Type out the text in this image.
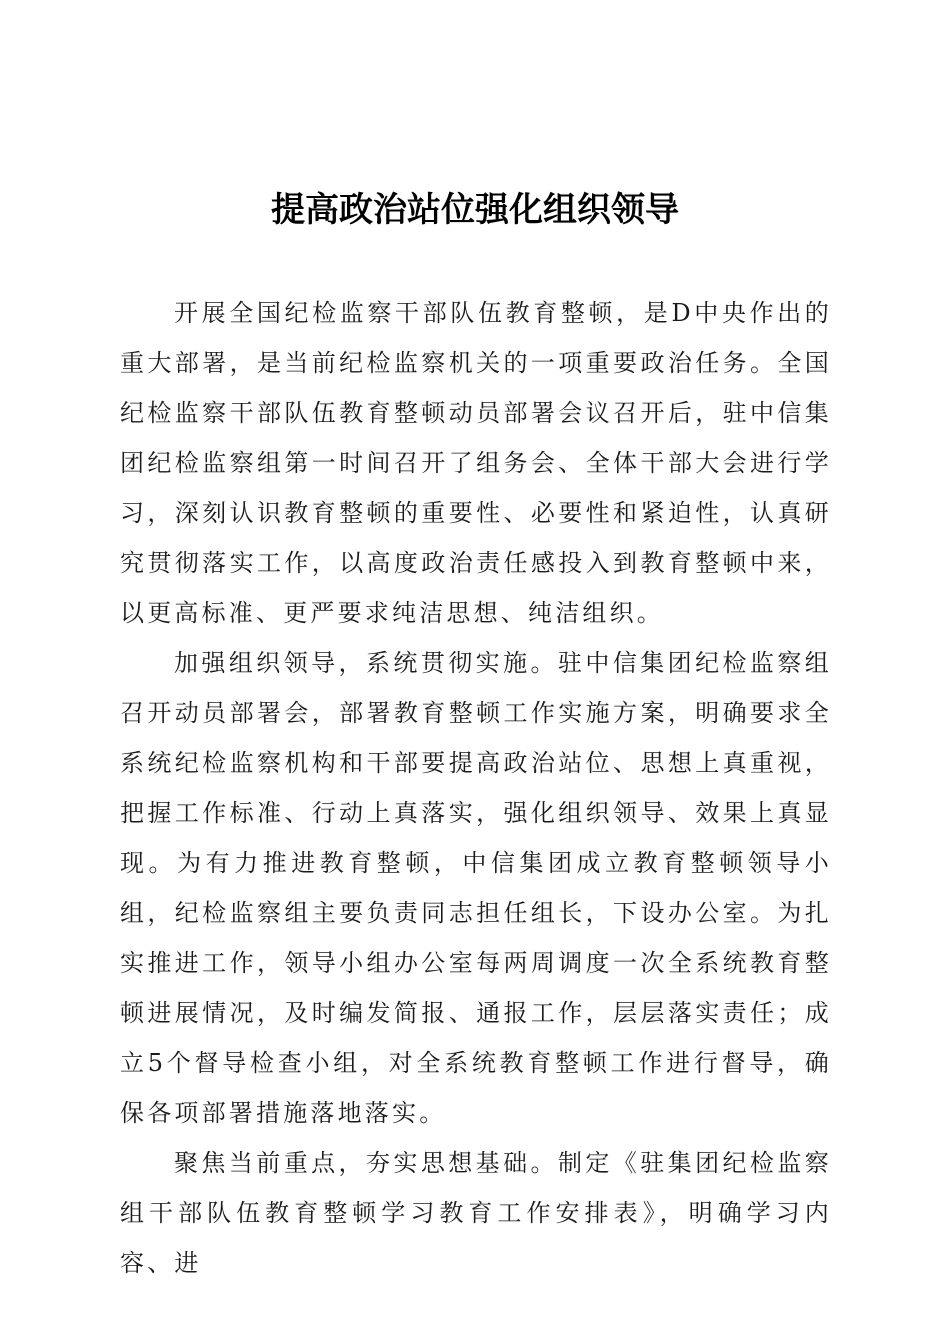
提高政治站位强化组织领导

开展全国纪检监察干部队伍教育整顿，是D中央作出的重大部署，是当前纪检监察机关的一项重要政治任务。全国纪检监察干部队伍教育整顿动员部署会议召开后，驻中信集团纪检监察组第一时间召开了组务会、全体干部大会进行学习，深刻认识教育整顿的重要性、必要性和紧迫性，认真研究贯彻落实工作，以高度政治责任感投入到教育整顿中来，以更高标准、更严要求纯洁思想、纯洁组织。

加强组织领导，系统贯彻实施。驻中信集团纪检监察组召开动员部署会，部署教育整顿工作实施方案，明确要求全系统纪检监察机构和干部要提高政治站位、思想上真重视，把握工作标准、行动上真落实，强化组织领导、效果上真显现。为有力推进教育整顿，中信集团成立教育整顿领导小组，纪检监察组主要负责同志担任组长，下设办公室。为扎实推进工作，领导小组办公室每两周调度一次全系统教育整顿进展情况，及时编发简报、通报工作，层层落实责任；成立5个督导检查小组，对全系统教育整顿工作进行督导，确保各项部署措施落地落实。

聚焦当前重点，夯实思想基础。制定《驻集团纪检监察组干部队伍教育整顿学习教育工作安排表》，明确学习内容、进
